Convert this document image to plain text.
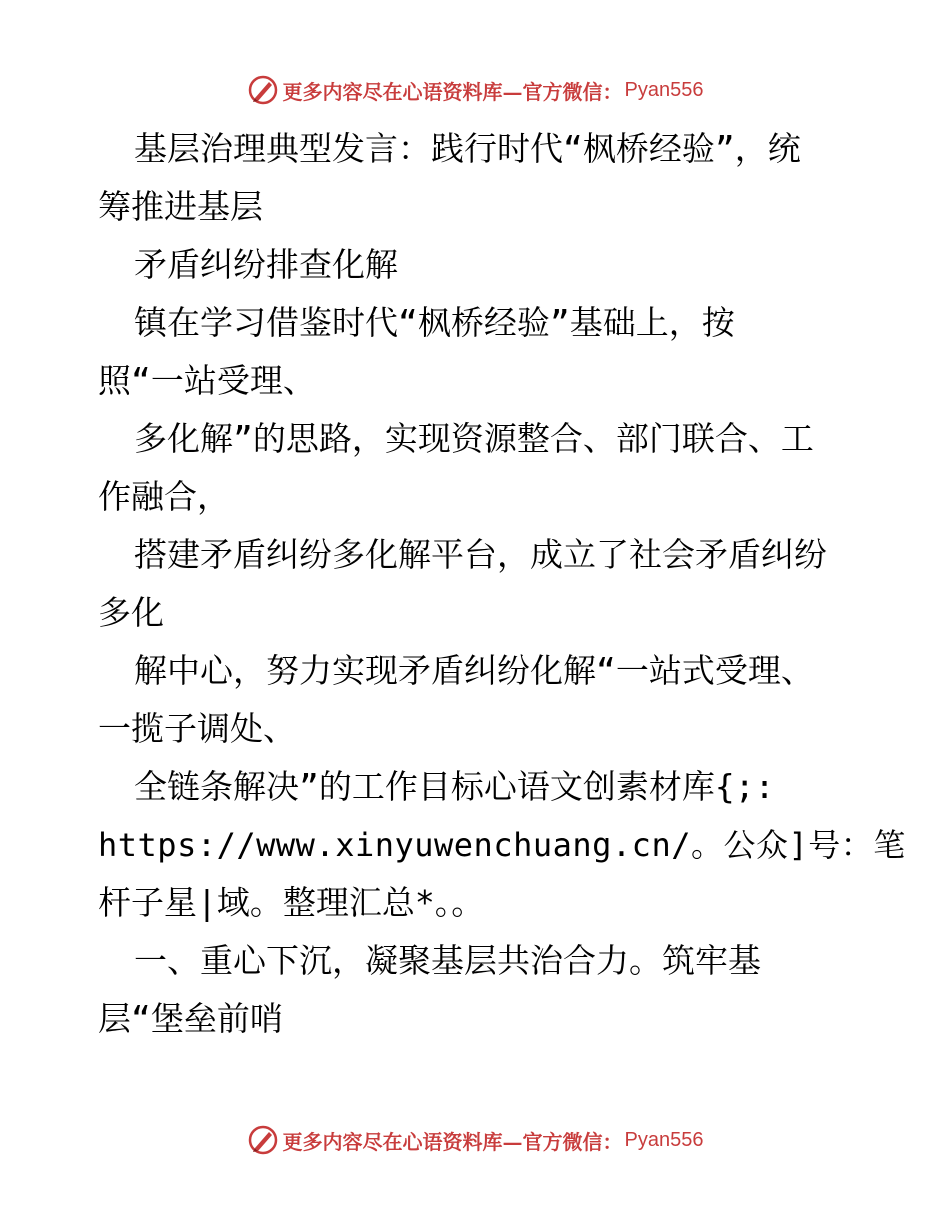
更多内容尽在心语资料库—官方微信： Pyan556
基层治理典型发言：践行时代“枫桥经验”，统
筹推进基层
矛盾纠纷排查化解
镇在学习借鉴时代“枫桥经验”基础上，按
照“一站受理、
多化解”的思路，实现资源整合、部门联合、工
作融合，
搭建矛盾纠纷多化解平台，成立了社会矛盾纠纷
多化
解中心，努力实现矛盾纠纷化解“一站式受理、
一揽子调处、
全链条解决”的工作目标心语文创素材库{;:
https://www.xinyuwenchuang.cn/。公众]号：笔
杆子星|域。整理汇总*。。
一、重心下沉，凝聚基层共治合力。筑牢基
层“堡垒前哨
更多内容尽在心语资料库—官方微信： Pyan556
